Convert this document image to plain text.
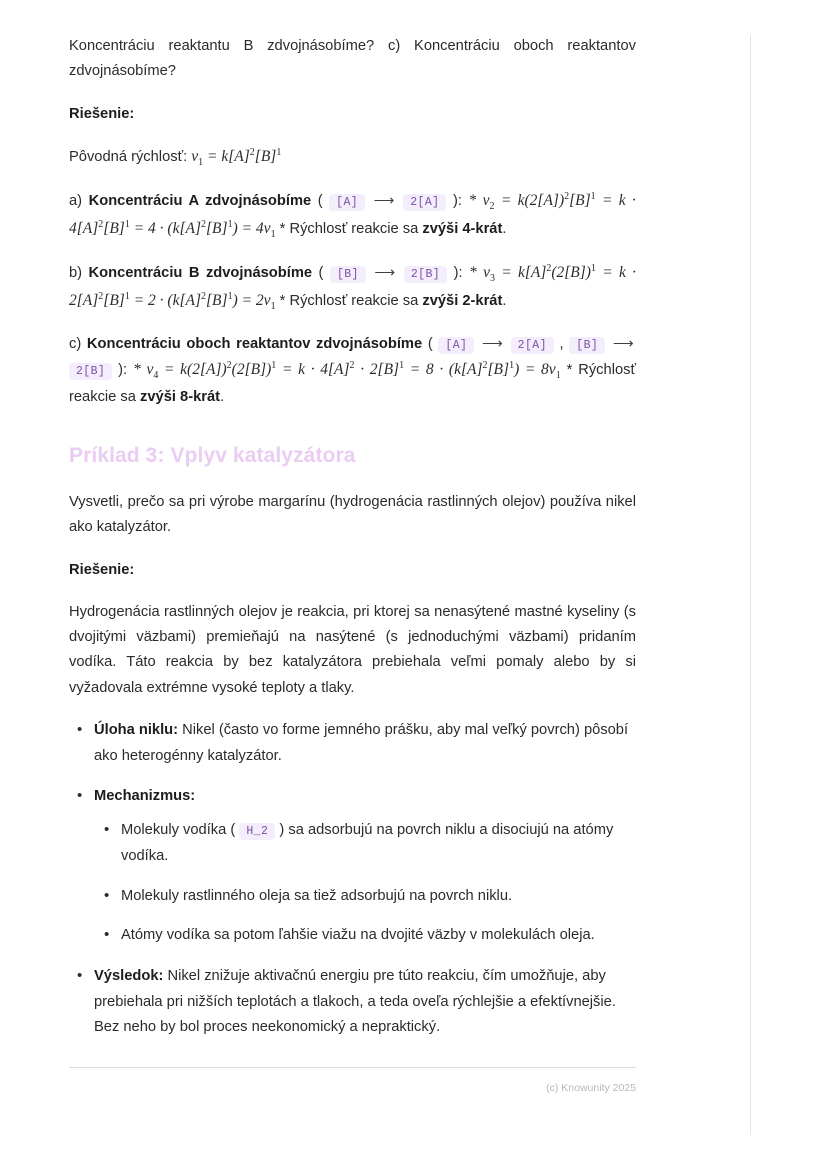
Koncentráciu reaktantu B zdvojnásobíme? c) Koncentráciu oboch reaktantov zdvojnásobíme?

Riešenie:

Pôvodná rýchlosť: $v_1 = k[A]^2[B]^1$

a) Koncentráciu A zdvojnásobíme ( [A] ⟶ 2[A] ): * $v_2 = k(2[A])^2[B]^1 = k \cdot 4[A]^2[B]^1 = 4 \cdot (k[A]^2[B]^1) = 4v_1$ * Rýchlosť reakcie sa zvýši 4-krát.

b) Koncentráciu B zdvojnásobíme ( [B] ⟶ 2[B] ): * $v_3 = k[A]^2(2[B])^1 = k \cdot 2[A]^2[B]^1 = 2 \cdot (k[A]^2[B]^1) = 2v_1$ * Rýchlosť reakcie sa zvýši 2-krát.

c) Koncentráciu oboch reaktantov zdvojnásobíme ( [A] ⟶ 2[A] , [B] ⟶ 2[B] ): * $v_4 = k(2[A])^2(2[B])^1 = k \cdot 4[A]^2 \cdot 2[B]^1 = 8 \cdot (k[A]^2[B]^1) = 8v_1$ * Rýchlosť reakcie sa zvýši 8-krát.

Príklad 3: Vplyv katalyzátora

Vysvetli, prečo sa pri výrobe margarínu (hydrogenácia rastlinných olejov) používa nikel ako katalyzátor.

Riešenie:

Hydrogenácia rastlinných olejov je reakcia, pri ktorej sa nenasýtené mastné kyseliny (s dvojitými väzbami) premieňajú na nasýtené (s jednoduchými väzbami) pridaním vodíka. Táto reakcia by bez katalyzátora prebiehala veľmi pomaly alebo by si vyžadovala extrémne vysoké teploty a tlaky.

• Úloha niklu: Nikel (často vo forme jemného prášku, aby mal veľký povrch) pôsobí ako heterogénny katalyzátor.
• Mechanizmus:
• Molekuly vodíka ( H_2 ) sa adsorbujú na povrch niklu a disociujú na atómy vodíka.
• Molekuly rastlinného oleja sa tiež adsorbujú na povrch niklu.
• Atómy vodíka sa potom ľahšie viažu na dvojité väzby v molekulách oleja.
• Výsledok: Nikel znižuje aktivačnú energiu pre túto reakciu, čím umožňuje, aby prebiehala pri nižších teplotách a tlakoch, a teda oveľa rýchlejšie a efektívnejšie. Bez neho by bol proces neekonomický a nepraktický.
(c) Knowunity 2025
